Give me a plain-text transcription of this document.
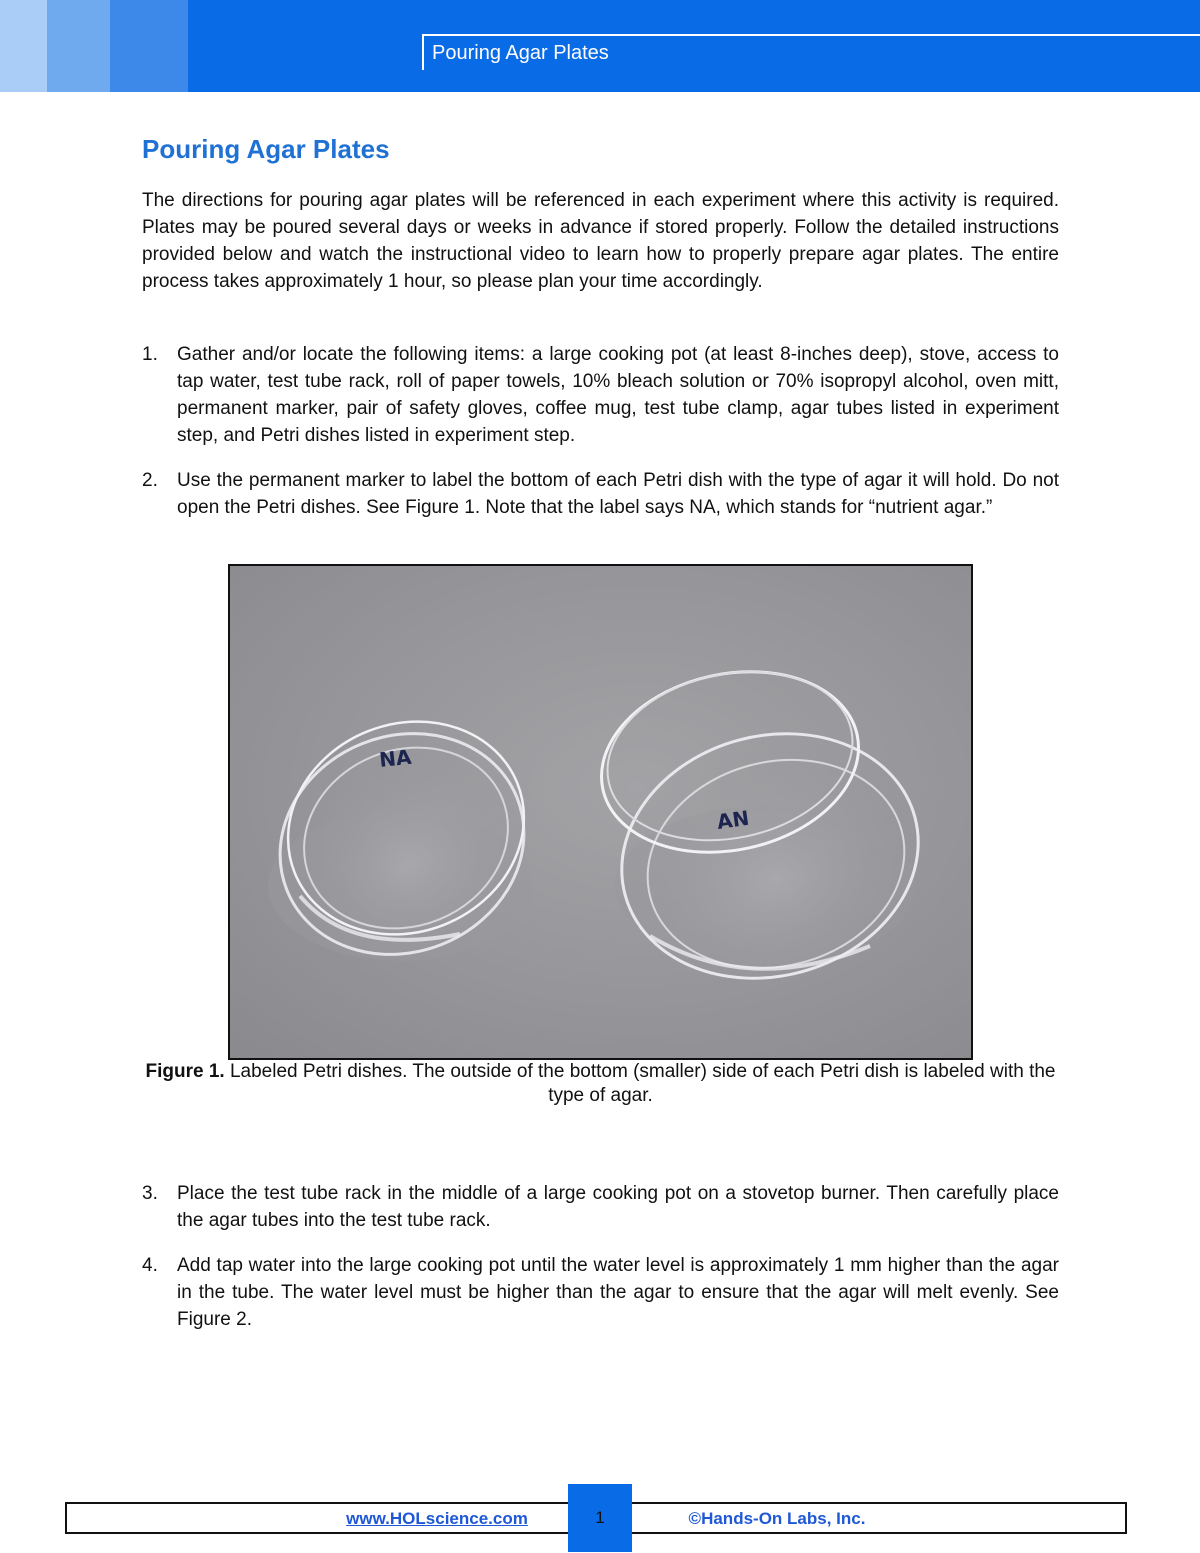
Pouring Agar Plates
Pouring Agar Plates

The directions for pouring agar plates will be referenced in each experiment where this activity is required. Plates may be poured several days or weeks in advance if stored properly. Follow the detailed instructions provided below and watch the instructional video to learn how to properly prepare agar plates. The entire process takes approximately 1 hour, so please plan your time accordingly.

1.	Gather and/or locate the following items: a large cooking pot (at least 8-inches deep), stove, access to tap water, test tube rack, roll of paper towels, 10% bleach solution or 70% isopropyl alcohol, oven mitt, permanent marker, pair of safety gloves, coffee mug, test tube clamp, agar tubes listed in experiment step, and Petri dishes listed in experiment step.
2.	Use the permanent marker to label the bottom of each Petri dish with the type of agar it will hold. Do not open the Petri dishes. See Figure 1. Note that the label says NA, which stands for “nutrient agar.”
NA
AN

Figure 1. Labeled Petri dishes. The outside of the bottom (smaller) side of each Petri dish is labeled with the type of agar.

3.	Place the test tube rack in the middle of a large cooking pot on a stovetop burner. Then carefully place the agar tubes into the test tube rack.
4.	Add tap water into the large cooking pot until the water level is approximately 1 mm higher than the agar in the tube. The water level must be higher than the agar to ensure that the agar will melt evenly. See Figure 2.
www.HOLscience.com	©Hands-On Labs, Inc.
1
